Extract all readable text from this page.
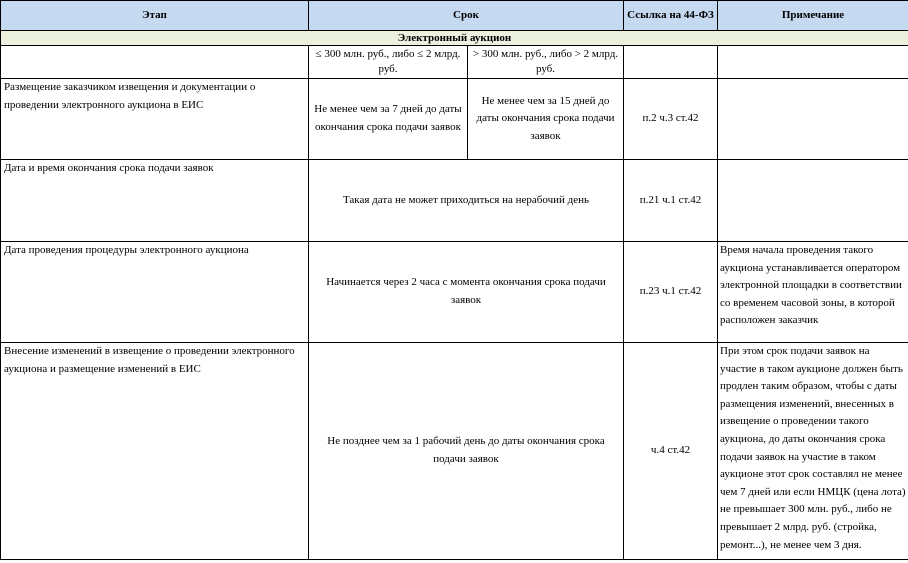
Этап	Срок		Ссылка на 44-ФЗ	Примечание
Электронный аукцион				
	≤ 300 млн. руб., либо ≤ 2 млрд. руб.	> 300 млн. руб., либо > 2 млрд. руб.		
Размещение заказчиком извещения и документации о проведении электронного аукциона в ЕИС	Не менее чем за 7 дней до даты окончания срока подачи заявок	Не менее чем за 15 дней до даты окончания срока подачи заявок	п.2 ч.3 ст.42	
Дата и время окончания срока подачи заявок	Такая дата не может приходиться на нерабочий день		п.21 ч.1 ст.42	
Дата проведения процедуры электронного аукциона	Начинается через 2 часа с момента окончания срока подачи заявок		п.23 ч.1 ст.42	Время начала проведения такого аукциона устанавливается оператором электронной площадки в соответствии со временем часовой зоны, в которой расположен заказчик
Внесение изменений в извещение о проведении электронного аукциона и размещение изменений в ЕИС	Не позднее чем за 1 рабочий день до даты окончания срока подачи заявок		ч.4 ст.42	При этом срок подачи заявок на участие в таком аукционе должен быть продлен таким образом, чтобы с даты размещения изменений, внесенных в извещение о проведении такого аукциона, до даты окончания срока подачи заявок на участие в таком аукционе этот срок составлял не менее чем 7 дней или если НМЦК (цена лота) не превышает 300 млн. руб., либо не превышает 2 млрд. руб. (стройка, ремонт...), не менее чем 3 дня.
